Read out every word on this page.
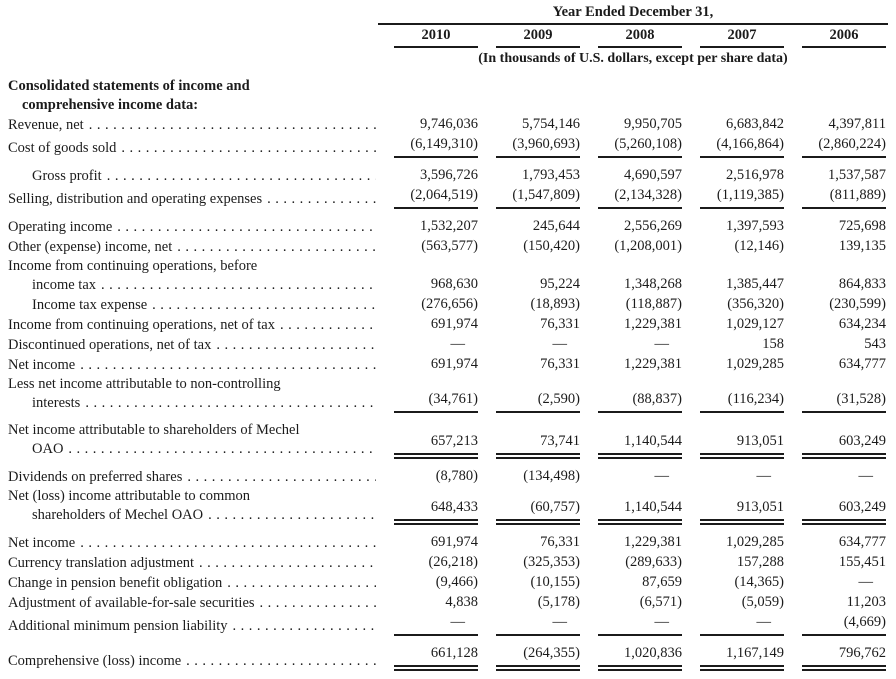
Year Ended December 31,
2010	2009	2008	2007	2006
(In thousands of U.S. dollars, except per share data)
Consolidated statements of income and
comprehensive income data:
Revenue, net .....	9,746,036	5,754,146	9,950,705	6,683,842	4,397,811
Cost of goods sold .....	(6,149,310)	(3,960,693)	(5,260,108)	(4,166,864)	(2,860,224)
Gross profit .....	3,596,726	1,793,453	4,690,597	2,516,978	1,537,587
Selling, distribution and operating expenses .....	(2,064,519)	(1,547,809)	(2,134,328)	(1,119,385)	(811,889)
Operating income .....	1,532,207	245,644	2,556,269	1,397,593	725,698
Other (expense) income, net .....	(563,577)	(150,420)	(1,208,001)	(12,146)	139,135
Income from continuing operations, before
income tax .....	968,630	95,224	1,348,268	1,385,447	864,833
Income tax expense .....	(276,656)	(18,893)	(118,887)	(356,320)	(230,599)
Income from continuing operations, net of tax .....	691,974	76,331	1,229,381	1,029,127	634,234
Discontinued operations, net of tax .....	—	—	—	158	543
Net income .....	691,974	76,331	1,229,381	1,029,285	634,777
Less net income attributable to non-controlling
interests .....	(34,761)	(2,590)	(88,837)	(116,234)	(31,528)
Net income attributable to shareholders of Mechel
OAO .....	657,213	73,741	1,140,544	913,051	603,249
Dividends on preferred shares .....	(8,780)	(134,498)	—	—	—
Net (loss) income attributable to common
shareholders of Mechel OAO .....	648,433	(60,757)	1,140,544	913,051	603,249
Net income .....	691,974	76,331	1,229,381	1,029,285	634,777
Currency translation adjustment .....	(26,218)	(325,353)	(289,633)	157,288	155,451
Change in pension benefit obligation .....	(9,466)	(10,155)	87,659	(14,365)	—
Adjustment of available-for-sale securities .....	4,838	(5,178)	(6,571)	(5,059)	11,203
Additional minimum pension liability .....	—	—	—	—	(4,669)
Comprehensive (loss) income .....	661,128	(264,355)	1,020,836	1,167,149	796,762
